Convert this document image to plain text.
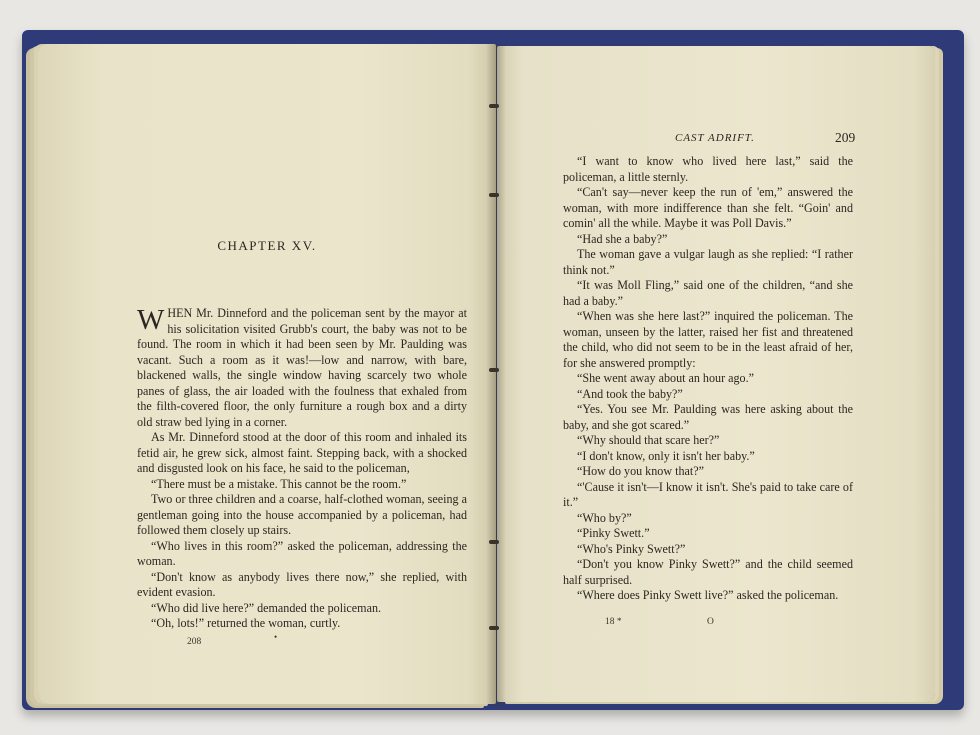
CHAPTER XV.

WHEN Mr. Dinneford and the policeman sent by the mayor at his solicitation visited Grubb's court, the baby was not to be found. The room in which it had been seen by Mr. Paulding was vacant. Such a room as it was!—low and narrow, with bare, blackened walls, the single window having scarcely two whole panes of glass, the air loaded with the foulness that exhaled from the filth-covered floor, the only furniture a rough box and a dirty old straw bed lying in a corner.

As Mr. Dinneford stood at the door of this room and inhaled its fetid air, he grew sick, almost faint. Stepping back, with a shocked and disgusted look on his face, he said to the policeman,

“There must be a mistake. This cannot be the room.”

Two or three children and a coarse, half-clothed woman, seeing a gentleman going into the house accompanied by a policeman, had followed them closely up stairs.

“Who lives in this room?” asked the policeman, addressing the woman.

“Don't know as anybody lives there now,” she replied, with evident evasion.

“Who did live here?” demanded the policeman.

“Oh, lots!” returned the woman, curtly.

208	•
CAST ADRIFT.	209

“I want to know who lived here last,” said the policeman, a little sternly.

“Can't say—never keep the run of 'em,” answered the woman, with more indifference than she felt. “Goin' and comin' all the while. Maybe it was Poll Davis.”

“Had she a baby?”

The woman gave a vulgar laugh as she replied: “I rather think not.”

“It was Moll Fling,” said one of the children, “and she had a baby.”

“When was she here last?” inquired the policeman. The woman, unseen by the latter, raised her fist and threatened the child, who did not seem to be in the least afraid of her, for she answered promptly:

“She went away about an hour ago.”

“And took the baby?”

“Yes. You see Mr. Paulding was here asking about the baby, and she got scared.”

“Why should that scare her?”

“I don't know, only it isn't her baby.”

“How do you know that?”

“'Cause it isn't—I know it isn't. She's paid to take care of it.”

“Who by?”

“Pinky Swett.”

“Who's Pinky Swett?”

“Don't you know Pinky Swett?” and the child seemed half surprised.

“Where does Pinky Swett live?” asked the policeman.

18 *	O
